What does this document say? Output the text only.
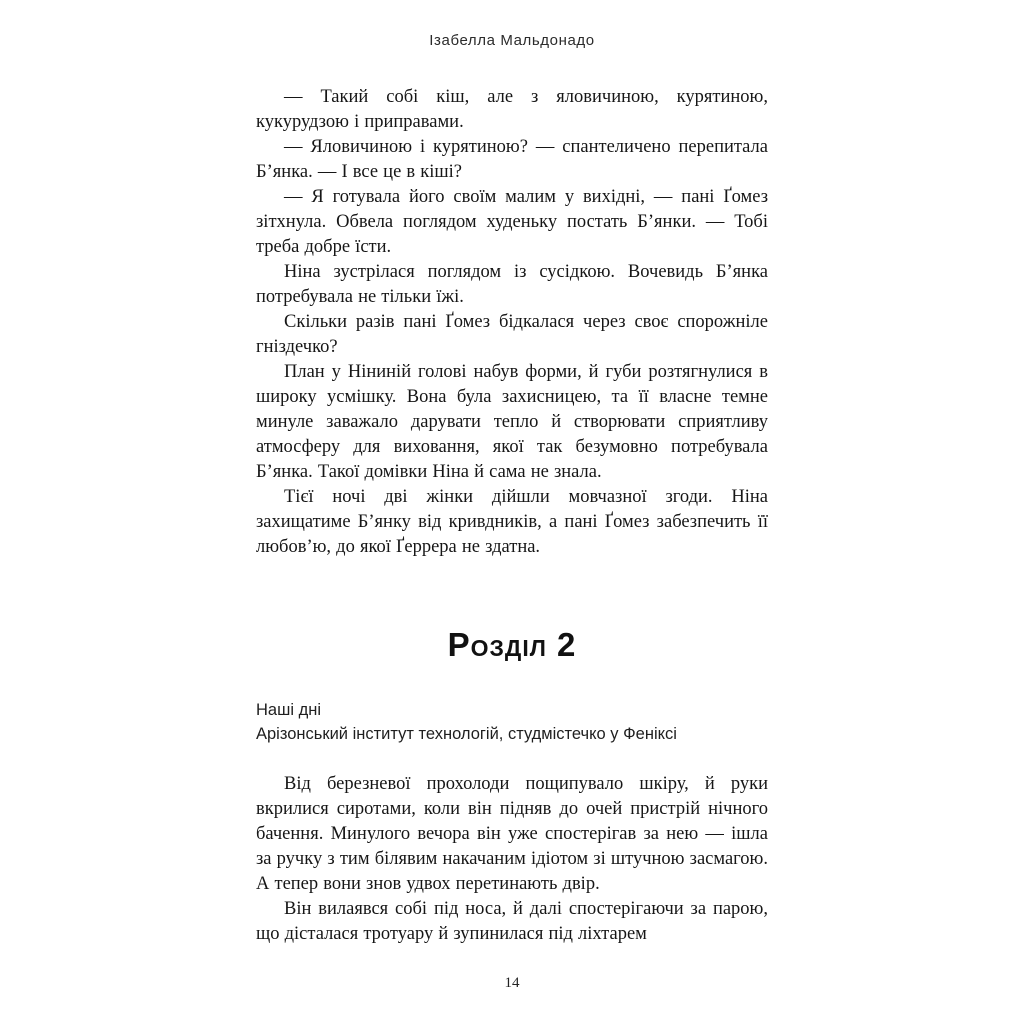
Ізабелла Мальдонадо

— Такий собі кіш, але з яловичиною, курятиною, кукурудзою і приправами.

— Яловичиною і курятиною? — спантеличено перепитала Б’янка. — І все це в кіші?

— Я готувала його своїм малим у вихідні, — пані Ґомез зітхнула. Обвела поглядом худеньку постать Б’янки. — Тобі треба добре їсти.

Ніна зустрілася поглядом із сусідкою. Вочевидь Б’янка потребувала не тільки їжі.

Скільки разів пані Ґомез бідкалася через своє спорожніле гніздечко?

План у Ніниній голові набув форми, й губи розтягнулися в широку усмішку. Вона була захисницею, та її власне темне минуле заважало дарувати тепло й створювати сприятливу атмосферу для виховання, якої так безумовно потребувала Б’янка. Такої домівки Ніна й сама не знала.

Тієї ночі дві жінки дійшли мовчазної згоди. Ніна захищатиме Б’янку від кривдників, а пані Ґомез забезпечить її любов’ю, до якої Ґеррера не здатна.

Розділ 2
Наші дні
Арізонський інститут технологій, студмістечко у Феніксі

Від березневої прохолоди пощипувало шкіру, й руки вкрилися сиротами, коли він підняв до очей пристрій нічного бачення. Минулого вечора він уже спостерігав за нею — ішла за ручку з тим білявим накачаним ідіотом зі штучною засмагою. А тепер вони знов удвох перетинають двір.

Він вилаявся собі під носа, й далі спостерігаючи за парою, що дісталася тротуару й зупинилася під ліхтарем

14
